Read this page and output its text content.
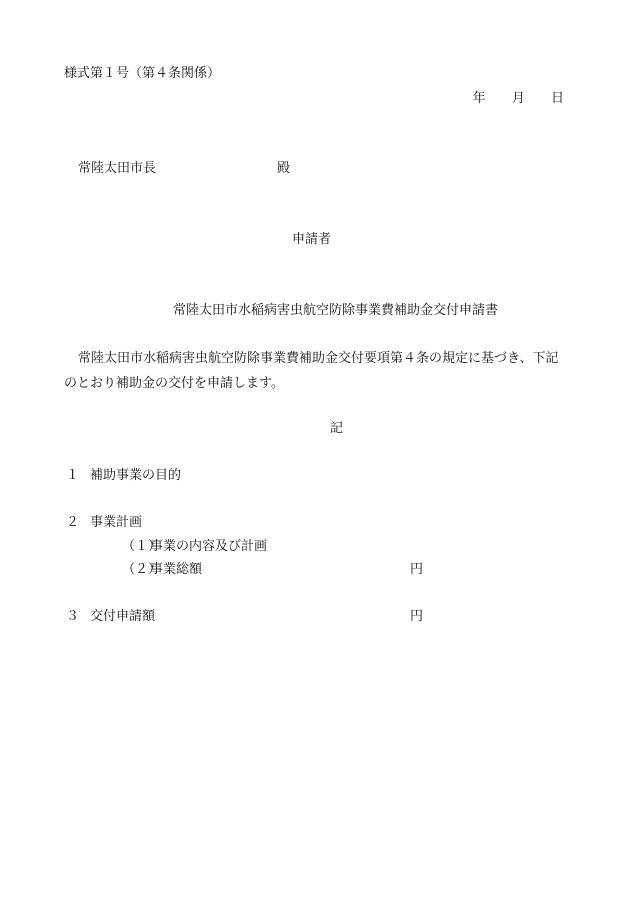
様式第１号（第４条関係）
年 月 日
常陸太田市長	殿
申請者
常陸太田市水稲病害虫航空防除事業費補助金交付申請書
常陸太田市水稲病害虫航空防除事業費補助金交付要項第４条の規定に基づき、下記
のとおり補助金の交付を申請します。
記
１ 補助事業の目的
２ 事業計画
（１）事業の内容及び計画
（２）事業総額	円
３ 交付申請額	円
